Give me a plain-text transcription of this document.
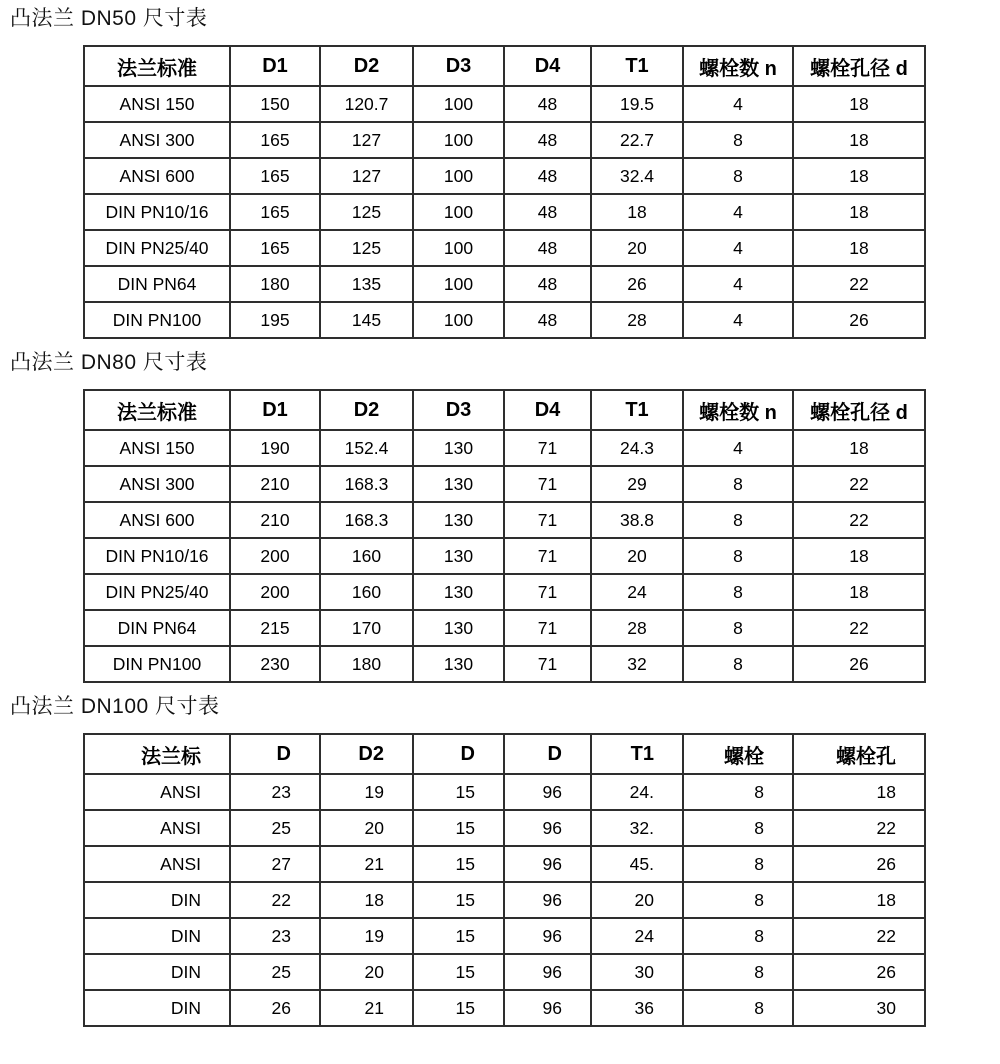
凸法兰 DN50 尺寸表
法兰标准	D1	D2	D3	D4	T1	螺栓数 n	螺栓孔径 d
ANSI 150	150	120.7	100	48	19.5	4	18
ANSI 300	165	127	100	48	22.7	8	18
ANSI 600	165	127	100	48	32.4	8	18
DIN PN10/16	165	125	100	48	18	4	18
DIN PN25/40	165	125	100	48	20	4	18
DIN PN64	180	135	100	48	26	4	22
DIN PN100	195	145	100	48	28	4	26
凸法兰 DN80 尺寸表
法兰标准	D1	D2	D3	D4	T1	螺栓数 n	螺栓孔径 d
ANSI 150	190	152.4	130	71	24.3	4	18
ANSI 300	210	168.3	130	71	29	8	22
ANSI 600	210	168.3	130	71	38.8	8	22
DIN PN10/16	200	160	130	71	20	8	18
DIN PN25/40	200	160	130	71	24	8	18
DIN PN64	215	170	130	71	28	8	22
DIN PN100	230	180	130	71	32	8	26
凸法兰 DN100 尺寸表
法兰标	D	D2	D	D	T1	螺栓	螺栓孔
ANSI	23	19	15	96	24.	8	18
ANSI	25	20	15	96	32.	8	22
ANSI	27	21	15	96	45.	8	26
DIN	22	18	15	96	20	8	18
DIN	23	19	15	96	24	8	22
DIN	25	20	15	96	30	8	26
DIN	26	21	15	96	36	8	30
